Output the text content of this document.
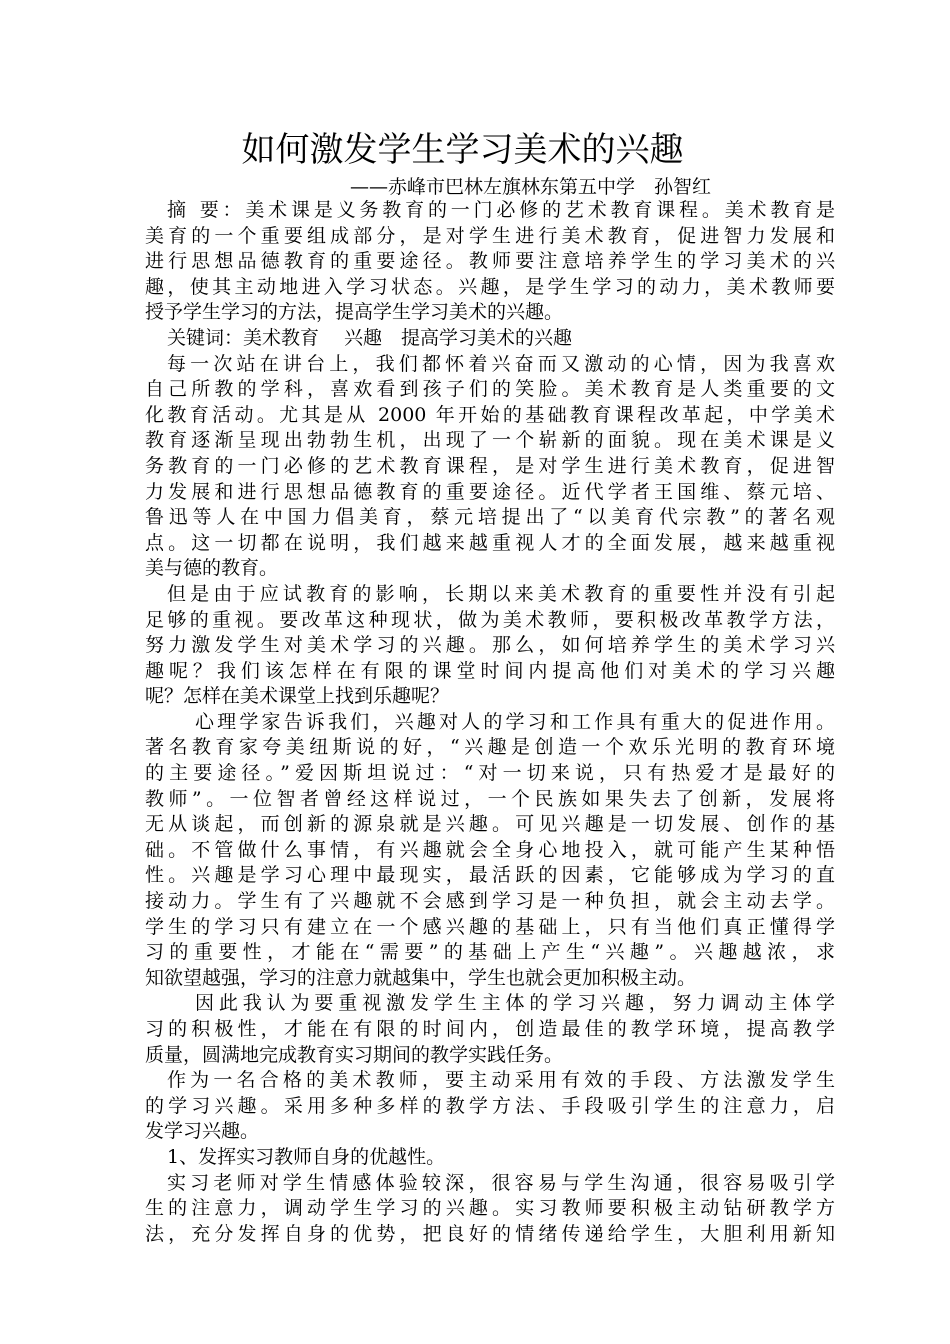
如何激发学生学习美术的兴趣
——赤峰市巴林左旗林东第五中学　孙智红
摘 要：美术课是义务教育的一门必修的艺术教育课程。美术教育是
美育的一个重要组成部分，是对学生进行美术教育，促进智力发展和
进行思想品德教育的重要途径。教师要注意培养学生的学习美术的兴
趣，使其主动地进入学习状态。兴趣，是学生学习的动力，美术教师要
授予学生学习的方法，提高学生学习美术的兴趣。
关键词：美术教育　 兴趣　提高学习美术的兴趣
每一次站在讲台上，我们都怀着兴奋而又激动的心情，因为我喜欢
自己所教的学科，喜欢看到孩子们的笑脸。美术教育是人类重要的文
化教育活动。尤其是从 2000 年开始的基础教育课程改革起，中学美术
教育逐渐呈现出勃勃生机，出现了一个崭新的面貌。现在美术课是义
务教育的一门必修的艺术教育课程，是对学生进行美术教育，促进智
力发展和进行思想品德教育的重要途径。近代学者王国维、蔡元培、
鲁迅等人在中国力倡美育，蔡元培提出了“以美育代宗教”的著名观
点。这一切都在说明，我们越来越重视人才的全面发展，越来越重视
美与德的教育。
但是由于应试教育的影响，长期以来美术教育的重要性并没有引起
足够的重视。要改革这种现状，做为美术教师，要积极改革教学方法，
努力激发学生对美术学习的兴趣。那么，如何培养学生的美术学习兴
趣呢？我们该怎样在有限的课堂时间内提高他们对美术的学习兴趣
呢？怎样在美术课堂上找到乐趣呢？
心理学家告诉我们，兴趣对人的学习和工作具有重大的促进作用。
著名教育家夸美纽斯说的好，“兴趣是创造一个欢乐光明的教育环境
的主要途径。”爱因斯坦说过：“对一切来说，只有热爱才是最好的
教师”。一位智者曾经这样说过，一个民族如果失去了创新，发展将
无从谈起，而创新的源泉就是兴趣。可见兴趣是一切发展、创作的基
础。不管做什么事情，有兴趣就会全身心地投入，就可能产生某种悟
性。兴趣是学习心理中最现实，最活跃的因素，它能够成为学习的直
接动力。学生有了兴趣就不会感到学习是一种负担，就会主动去学。
学生的学习只有建立在一个感兴趣的基础上，只有当他们真正懂得学
习的重要性，才能在“需要”的基础上产生“兴趣”。兴趣越浓，求
知欲望越强，学习的注意力就越集中，学生也就会更加积极主动。
因此我认为要重视激发学生主体的学习兴趣，努力调动主体学
习的积极性，才能在有限的时间内，创造最佳的教学环境，提高教学
质量，圆满地完成教育实习期间的教学实践任务。
作为一名合格的美术教师，要主动采用有效的手段、方法激发学生
的学习兴趣。采用多种多样的教学方法、手段吸引学生的注意力，启
发学习兴趣。
1、发挥实习教师自身的优越性。
实习老师对学生情感体验较深，很容易与学生沟通，很容易吸引学
生的注意力，调动学生学习的兴趣。实习教师要积极主动钻研教学方
法，充分发挥自身的优势，把良好的情绪传递给学生，大胆利用新知
